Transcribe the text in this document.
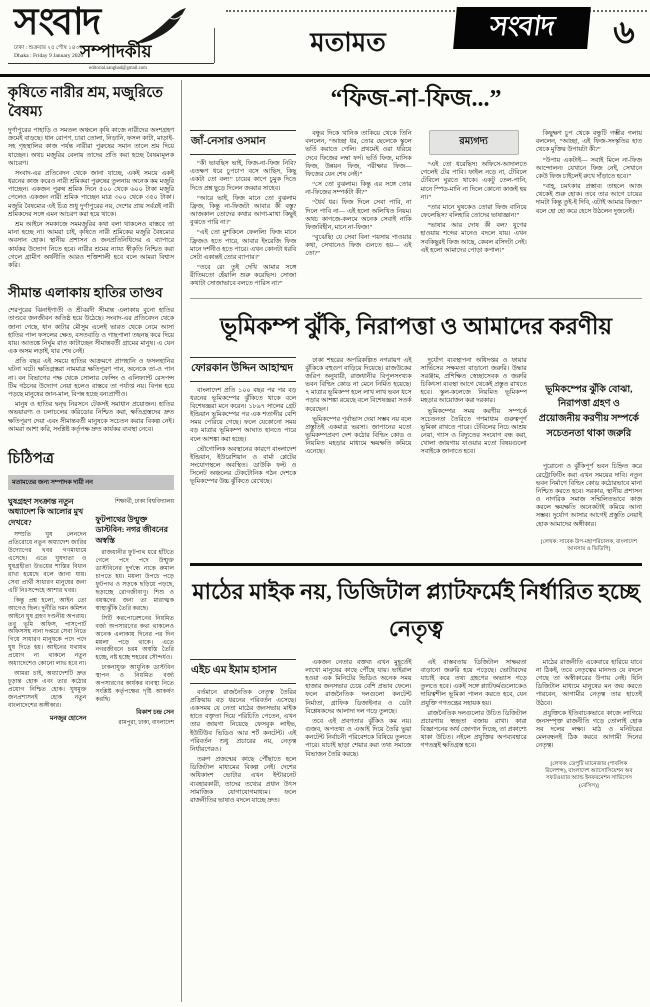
সংবাদ
ঢাকা : শুক্রবার ২৫ পৌষ ১৪৩২
Dhaka : Friday 9 January 2026
সম্পাদকীয়
editorial.sangbad@gmail.com
মতামত
সংবাদ	৬
কৃষিতে নারীর শ্রম, মজুরিতে বৈষম্য

দুর্গাপুরের পাহাড়ি ও সমতল অঞ্চলে কৃষি কাজে নারীদের অংশগ্রহণ ক্রমেই বাড়ছে। ধান রোপণ, চারা তোলা, নিড়ানি, ফসল কাটা, মাড়াই-সহ গৃহস্থালির কাজ পর্যন্ত নারীরা পুরুষের সমান তালে শ্রম দিয়ে যাচ্ছেন। অথচ মজুরির বেলায় তাদের প্রতি করা হচ্ছে বৈষম্যমূলক আচরণ।

সংবাদ-এর প্রতিবেদন থেকে জানা যাচ্ছে, একই সময়ে একই ধরনের কাজ করেও নারী শ্রমিকরা পুরুষের তুলনায় অনেক কম মজুরি পাচ্ছেন। একজন পুরুষ শ্রমিক দিনে ৫০০ থেকে ৬০০ টাকা মজুরি পেলেও একজন নারী শ্রমিক পাচ্ছেন মাত্র ৩০০ থেকে ৩৫০ টাকা। মজুরি বৈষম্যের এই চিত্র শুধু দুর্গাপুরের নয়, দেশের প্রায় সর্বত্রই নারী শ্রমিকদের সঙ্গে এমন আচরণ করা হয়ে থাকে।

শ্রম আইনে সমকাজে সমমজুরির কথা বলা থাকলেও বাস্তবে তা মানা হচ্ছে না। আমরা চাই, কৃষিতে নারী শ্রমিকের মজুরি বৈষম্যের অবসান হোক। স্থানীয় প্রশাসন ও জনপ্রতিনিধিদের এ ব্যাপারে কার্যকর উদ্যোগ নিতে হবে। নারীর শ্রমের ন্যায্য স্বীকৃতি নিশ্চিত করা গেলে গ্রামীণ অর্থনীতি আরও শক্তিশালী হবে বলে আমরা বিশ্বাস করি।

সীমান্ত এলাকায় হাতির তাণ্ডব

শেরপুরের ঝিনাইগাতী ও শ্রীবরদী সীমান্ত এলাকায় বুনো হাতির তাণ্ডবে জনজীবন অতিষ্ঠ হয়ে উঠেছে। সংবাদ-এর প্রতিবেদন থেকে জানা গেছে, ধান কাটার মৌসুম এলেই ভারত থেকে নেমে আসা হাতির পাল ফসলের ক্ষেত, বসতবাড়ি ও গাছপালা তছনছ করে দিয়ে যায়। আতঙ্কে নির্ঘুম রাত কাটাচ্ছেন সীমান্তবর্তী গ্রামের মানুষ। এ যেন এক অসম লড়াই, যার শেষ নেই।

প্রতি বছর এই সময়ে হাতির আক্রমণে প্রাণহানি ও ফসলহানির ঘটনা ঘটে। ক্ষতিগ্রস্তরা নামমাত্র ক্ষতিপূরণ পান, অনেকে তা-ও পান না। বন বিভাগের পক্ষ থেকে সোলার ফেন্সিং ও এলিফ্যান্ট রেসপন্স টিম গঠনের উদ্যোগ নেয়া হলেও বাস্তবে তা পর্যাপ্ত নয়। বিপন্ন হয়ে পড়ছে মানুষের জান-মাল, বিপন্ন হচ্ছে বন্যপ্রাণীও।

মানুষ ও হাতির দ্বন্দ্ব নিরসনে টেকসই সমাধান প্রয়োজন। হাতির অভয়ারণ্য ও চলাচলের করিডোর নিশ্চিত করা, ক্ষতিগ্রস্তদের দ্রুত ক্ষতিপূরণ দেয়া এবং সীমান্তবর্তী মানুষকে সচেতন করার বিকল্প নেই। আমরা আশা করি, সংশ্লিষ্ট কর্তৃপক্ষ দ্রুত কার্যকর ব্যবস্থা নেবে।

চিঠিপত্র
মতামতের জন্য সম্পাদক দায়ী নন
ঘুষগ্রহণ সংক্রান্ত নতুন অধ্যাদেশ কি আলোর মুখ দেখবে?

সম্প্রতি ঘুষ লেনদেন প্রতিরোধে নতুন অধ্যাদেশ জারির উদ্যোগের খবর গণমাধ্যমে এসেছে। এতে ঘুষদাতা ও ঘুষগ্রহীতা উভয়ের শাস্তির বিধান রাখা হয়েছে বলে জানা যায়। সেবা প্রার্থী সাধারণ মানুষের জন্য এটি নিঃসন্দেহে আশার খবর।

কিন্তু প্রশ্ন হলো, আইন তো আগেও ছিল। দুর্নীতি দমন কমিশন আইনে ঘুষ গ্রহণ দণ্ডনীয় অপরাধ। তবু ভূমি অফিস, পাসপোর্ট অফিসসহ নানা দপ্তরে সেবা নিতে গিয়ে সাধারণ মানুষকে পদে পদে ঘুষ দিতে হয়। আইনের যথাযথ প্রয়োগ না থাকলে নতুন অধ্যাদেশেও কোনো লাভ হবে না।

আমরা চাই, অধ্যাদেশটি দ্রুত চূড়ান্ত হোক এবং তার কঠোর প্রয়োগ নিশ্চিত হোক। ঘুষমুক্ত জনপ্রশাসনই হোক নতুন বাংলাদেশের অঙ্গীকার।

মনজুর হোসেন
শিক্ষার্থী, ঢাকা বিশ্ববিদ্যালয়
ফুটপাথের উন্মুক্ত ডাস্টবিন: নগর জীবনের অস্বস্তি

রাজধানীর ফুটপাথ ধরে হাঁটতে গেলে পদে পদে উন্মুক্ত ডাস্টবিনের দুর্গন্ধে নাকে রুমাল চাপতে হয়। ময়লা উপচে পড়ে ফুটপাথ ও সড়কে ছড়িয়ে পড়ছে, ছড়াচ্ছে রোগজীবাণু। শিশু ও বয়স্কদের জন্য তা মারাত্মক স্বাস্থ্যঝুঁকি তৈরি করছে।

সিটি করপোরেশনের নিয়মিত বর্জ্য অপসারণের কথা থাকলেও অনেক এলাকায় দিনের পর দিন ময়লা পড়ে থাকে। এতে নগরজীবনে চরম অস্বস্তি তৈরি হচ্ছে, নষ্ট হচ্ছে শহরের সৌন্দর্যও।

ঢাকনাযুক্ত আধুনিক ডাস্টবিন স্থাপন ও নিয়মিত বর্জ্য অপসারণের কার্যকর ব্যবস্থা নিতে সংশ্লিষ্ট কর্তৃপক্ষের দৃষ্টি আকর্ষণ করছি।

বিকাশ চন্দ্র সেন
রামপুরা, ঢাকা, বাংলাদেশ
“ফিজ-না-ফিজ...”
জাঁ-নেসার ওসমান

“কী ভাবছিস ভাই, ফিজ-না-ফিজ নিবি? এতক্ষণ ধরে চুপচাপ বসে আছিস, কিছু একটা তো বল!” চায়ের কাপে চুমুক দিতে দিতে প্রশ্ন ছুড়ে দিলেন জব্বার সাহেব।

“আরে ভাই, ফিজ মানে তো বুঝলাম ফ্রিজ, কিন্তু না-ফিজটা আবার কী বস্তু? আজকাল তোদের কথার আগা-মাথা কিছুই বুঝতে পারি না।”

“এই তো মুশকিলে ফেললি! ফিজ মানে ফ্রিজও হতে পারে, আবার ইংরেজি ফিজ মানে দর্শনীও হতে পারে। এখন কোনটা ধরবি সেটা একান্তই তোর ব্যাপার।”

“তবে রে! তুই দেখি আমার সঙ্গে রীতিমতো হেঁয়ালি শুরু করেছিস। সোজা কথাটা সোজাভাবে বলতে পারিস না?”

বন্ধুর দিকে খানিক তাকিয়ে থেকে তিনি বললেন, “আচ্ছা ধর, তোর ছেলেকে স্কুলে ভর্তি করাতে গেলি। প্রথমেই ওরা ধরিয়ে দেবে ফিজের লম্বা ফর্দ। ভর্তি ফিজ, মাসিক ফিজ, উন্নয়ন ফিজ, পরীক্ষার ফিজ— ফিজের যেন শেষ নেই।”

“সে তো বুঝলাম। কিন্তু এর সঙ্গে তোর না-ফিজের সম্পর্কটা কী?”

“ধৈর্য ধর। ফিজ দিলে সেবা পাবি, না দিলে পাবি না— এই হলো অলিখিত নিয়ম। অথচ কাগজে-কলমে অনেক সেবাই নাকি ফিজবিহীন, মানে না-ফিজ!”

“বুঝেছি! যে সেবা বিনা পয়সায় পাওয়ার কথা, সেখানেও ফিজ গুনতে হয়— এই তো?”

রম্যগদ্য

“এই তো ধরেছিস! অফিসে-আদালতে গেলেই টের পাবি। ফাইল নড়ে না, টেবিলে টেবিলে ঘুরতে থাকে। একটু তেল-পানি, মানে স্পিড-মানি না দিলে কোনো কাজই হয় না।”

“তার মানে ঘুষকেও তোরা ফিজ বানিয়ে ফেলেছিস? বলিহারি তোদের ভাষাজ্ঞান!”

“ভাষার আর দোষ কী বল? যুগের হাওয়ায় শব্দের মানেও বদলে যায়। এখন সবকিছুরই ফিজ আছে, কেবল রসিদটা নেই। এই হলো আমাদের পোড়া কপাল।”

কিছুক্ষণ চুপ থেকে বন্ধুটি গম্ভীর গলায় বললেন, “আচ্ছা, এই ফিজ-সংস্কৃতির হাত থেকে মুক্তির উপায়টা কী?”

“উপায় একটাই— সবাই মিলে না-ফিজ আন্দোলন! যেখানে ফিজ নেই, সেখানে কেউ ফিজ চাইলেই রুখে দাঁড়াতে হবে।”

“বাহ্, চমৎকার প্রস্তাব! তাহলে আজ থেকেই শুরু হোক। তবে তার আগে চায়ের দামটা কিন্তু তুই-ই দিবি, এটাই আমার ফিজ!” বলে হো হো করে হেসে উঠলেন দুজনেই।

ভূমিকম্প ঝুঁকি, নিরাপত্তা ও আমাদের করণীয়
ফোরকান উদ্দিন আহাম্মদ

বাংলাদেশ প্রতি ১০০ বছর পর পর বড় ধরনের ভূমিকম্পের ঝুঁকিতে থাকে বলে বিশেষজ্ঞরা মনে করেন। ১৮৯৭ সালের গ্রেট ইন্ডিয়ান ভূমিকম্পের পর এক শতাব্দীর বেশি সময় পেরিয়ে গেছে। ফলে যেকোনো সময় বড় মাত্রার ভূমিকম্প আঘাত হানতে পারে বলে আশঙ্কা করা হচ্ছে।

ভৌগোলিক অবস্থানের কারণে বাংলাদেশ ইন্ডিয়ান, ইউরেশিয়ান ও বার্মা প্লেটের সংযোগস্থলে অবস্থিত। ডাউকি ফল্ট ও সিলেট অঞ্চলের টেকটোনিক গঠন দেশকে ভূমিকম্পের উচ্চ ঝুঁকিতে রেখেছে।

ঢাকা শহরের অপরিকল্পিত নগরায়ণ এই ঝুঁকিকে বহুগুণ বাড়িয়ে দিয়েছে। রাজউকের জরিপ অনুযায়ী, রাজধানীর বিপুলসংখ্যক ভবন বিল্ডিং কোড না মেনে নির্মিত হয়েছে। ৭ মাত্রার ভূমিকম্প হলে লাখ লাখ ভবন ধসে পড়ার আশঙ্কা রয়েছে বলে বিশেষজ্ঞরা সতর্ক করেছেন।

ভূমিকম্পের পূর্বাভাস দেয়া সম্ভব নয় বলে প্রস্তুতিই একমাত্র ভরসা। জাপানের মতো ভূমিকম্পপ্রবণ দেশ কঠোর বিল্ডিং কোড ও নিয়মিত মহড়ার মাধ্যমে ক্ষয়ক্ষতি কমিয়ে এনেছে।

দুর্যোগ ব্যবস্থাপনা অধিদপ্তর ও ফায়ার সার্ভিসের সক্ষমতা বাড়ানো জরুরি। উদ্ধার সরঞ্জাম, প্রশিক্ষিত স্বেচ্ছাসেবক ও জরুরি চিকিৎসা ব্যবস্থা আগে থেকেই প্রস্তুত রাখতে হবে। স্কুল-কলেজে নিয়মিত ভূমিকম্প মহড়ার আয়োজন করা দরকার।

ভূমিকম্পের সময় করণীয় সম্পর্কে সচেতনতা তৈরিতে গণমাধ্যম গুরুত্বপূর্ণ ভূমিকা রাখতে পারে। টেবিলের নিচে আশ্রয় নেয়া, গ্যাস ও বিদ্যুতের সংযোগ বন্ধ করা, খোলা জায়গায় যাওয়ার মতো বিষয়গুলো সবাইকে জানাতে হবে।

ভূমিকম্পের ঝুঁকি বোঝা, নিরাপত্তা গ্রহণ ও প্রয়োজনীয় করণীয় সম্পর্কে সচেতনতা থাকা জরুরি

পুরোনো ও ঝুঁকিপূর্ণ ভবন চিহ্নিত করে রেট্রোফিটিং করা এখন সময়ের দাবি। নতুন ভবন নির্মাণে বিল্ডিং কোড কঠোরভাবে মানা নিশ্চিত করতে হবে। সরকার, স্থানীয় প্রশাসন ও নাগরিক সমাজ সম্মিলিতভাবে কাজ করলে ক্ষয়ক্ষতি অনেকটাই কমিয়ে আনা সম্ভব। দুর্যোগ আসার আগেই প্রস্তুতি নেয়াই হোক আমাদের অঙ্গীকার।

[লেখক: সাবেক উপ-মহাপরিচালক, বাংলাদেশ আনসার ও ভিডিপি]
মাঠের মাইক নয়, ডিজিটাল প্ল্যাটফর্মেই নির্ধারিত হচ্ছে নেতৃত্ব
এইচ এম ইমাম হাসান

বর্তমানে রাজনৈতিক নেতৃত্ব তৈরির প্রক্রিয়ায় বড় ধরনের পরিবর্তন এসেছে। একসময় যে নেতা মাঠের জনসভায় মাইক হাতে বক্তৃতা দিয়ে পরিচিতি পেতেন, এখন তার জায়গা নিয়েছে ফেসবুক লাইভ, ইউটিউব ভিডিও আর শর্ট কনটেন্ট। এই পরিবর্তন শুধু প্রচারের নয়, নেতৃত্ব নির্ধারণেরও।

তরুণ প্রজন্মের কাছে পৌঁছাতে হলে ডিজিটাল মাধ্যমের বিকল্প নেই। দেশের অধিকাংশ ভোটার এখন ইন্টারনেট ব্যবহারকারী, তাদের তথ্যের প্রধান উৎস সামাজিক যোগাযোগমাধ্যম। ফলে রাজনীতির ভাষাও বদলে যাচ্ছে দ্রুত।

একজন নেতার বক্তব্য এখন মুহূর্তেই লাখো মানুষের কাছে পৌঁছে যায়। ভাইরাল হওয়া এক মিনিটের ভিডিও অনেক সময় হাজার জনসভার চেয়ে বেশি প্রভাব ফেলে। ফলে রাজনৈতিক দলগুলো কনটেন্ট নির্মাতা, গ্রাফিক ডিজাইনার ও ডেটা বিশ্লেষকদের আলাদা দল গড়ে তুলছে।

তবে এই প্রবণতার ঝুঁকিও কম নয়। গুজব, অপতথ্য ও এআই দিয়ে তৈরি ভুয়া কনটেন্ট নির্বাচনী পরিবেশকে বিষিয়ে তুলতে পারে। যাচাই ছাড়া শেয়ার করা তথ্য সমাজে বিভাজন তৈরি করছে।

এই বাস্তবতায় ডিজিটাল সাক্ষরতা বাড়ানো জরুরি হয়ে পড়েছে। ভোটারদের যাচাই করে তথ্য গ্রহণের অভ্যাস গড়ে তুলতে হবে। একই সঙ্গে প্ল্যাটফর্মগুলোকেও দায়িত্বশীল ভূমিকা পালন করতে হবে, যেন প্রযুক্তি গণতন্ত্রের সহায়ক হয়।

রাজনৈতিক দলগুলোর উচিত ডিজিটাল প্রচারণায় স্বচ্ছতা বজায় রাখা। কারা বিজ্ঞাপনের অর্থ জোগান দিচ্ছে, তা প্রকাশ্যে থাকা উচিত। নইলে প্রযুক্তির অপব্যবহারে গণতন্ত্রই ক্ষতিগ্রস্ত হবে।

মাঠের রাজনীতি একেবারে হারিয়ে যাবে না ঠিকই, তবে নেতৃত্বের মানদণ্ড যে বদলে গেছে তা অস্বীকারের উপায় নেই। যিনি ডিজিটাল মাধ্যমে মানুষের মন জয় করতে পারবেন, আগামীর নেতৃত্ব তার হাতেই উঠবে।

প্রযুক্তিকে ইতিবাচকভাবে কাজে লাগিয়ে জনসম্পৃক্ত রাজনীতি গড়ে তোলাই হোক সব দলের লক্ষ্য। মাঠ ও মনিটরের মেলবন্ধনই ঠিক করবে আগামী দিনের নেতৃত্ব।

[লেখক: ডেপুটি ম্যানেজার (পাবলিক রিলেশন্স), বাংলাদেশ অ্যাসোসিয়েশন অব সফটওয়্যার অ্যান্ড ইনফরমেশন সার্ভিসেস (বেসিস)]
